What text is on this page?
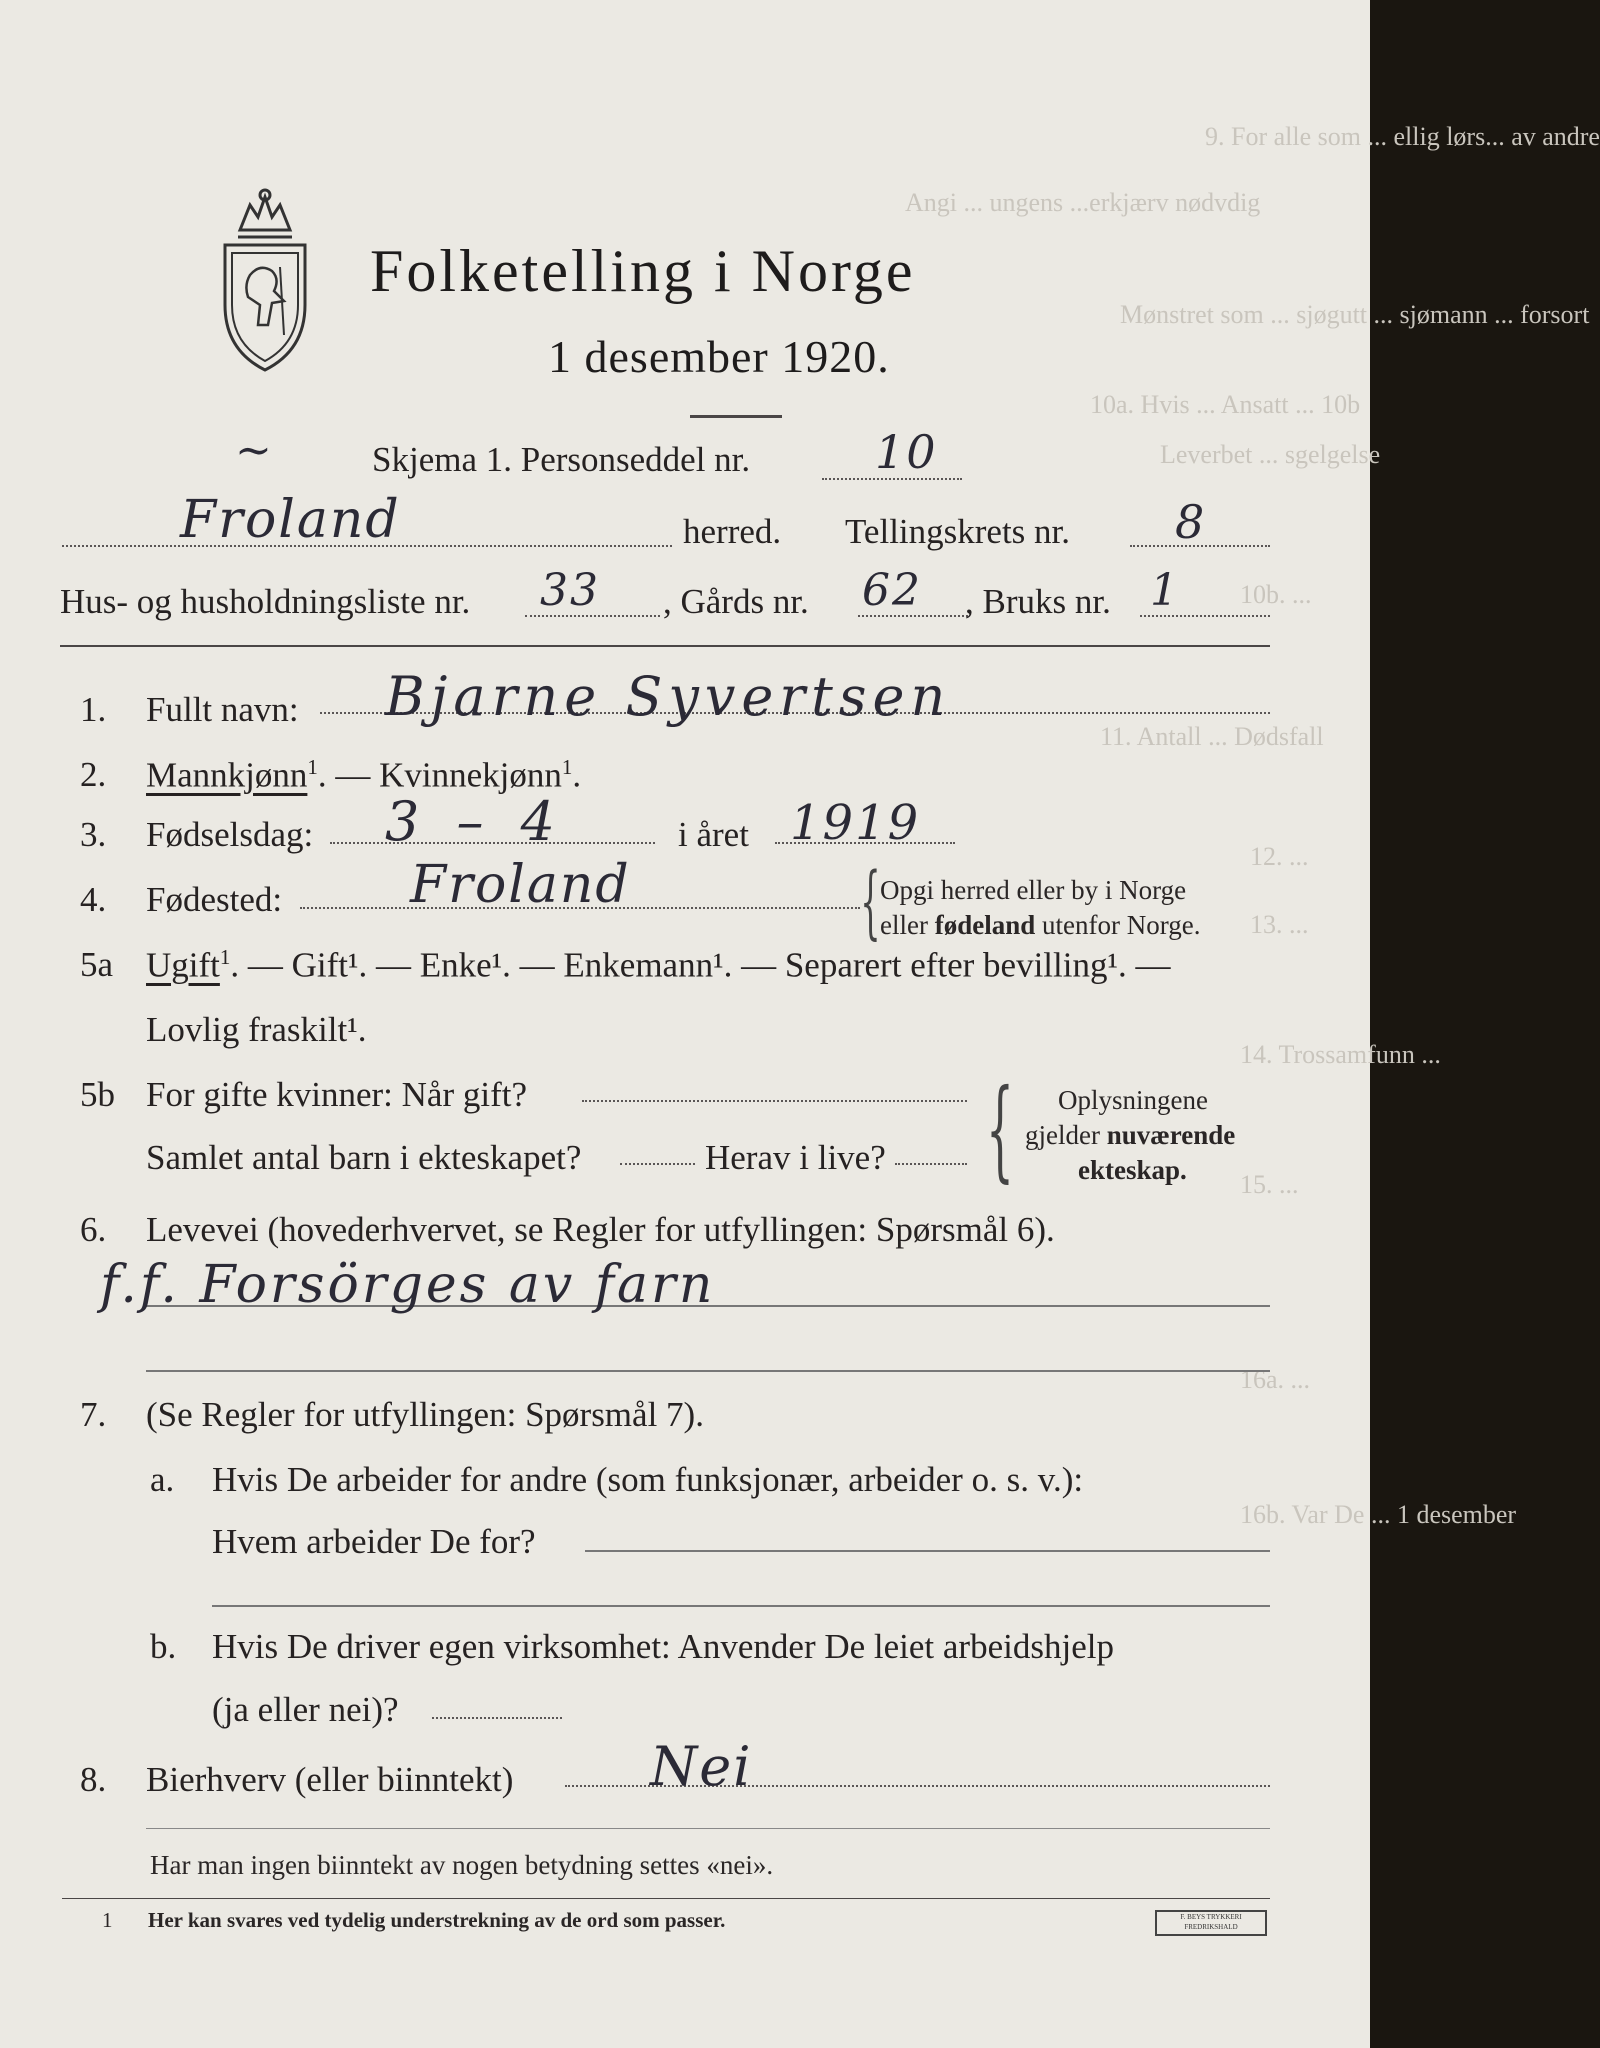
9. For alle som ... ellig lørs... av andre
Angi ... ungens ...erkjærv nødvdig
Mønstret som ... sjøgutt ... sjømann ... forsort
10a. Hvis ... Ansatt ... 10b
Leverbet ... sgelgelse
10b. ...
11. Antall ... Dødsfall
12. ...
13. ...
14. Trossamfunn ...
15. ...
16a. ...
16b. Var De ... 1 desember
Folketelling i Norge
1 desember 1920.
~	Skjema 1. Personseddel nr.	10
Froland	herred. Tellingskrets nr. 8
Hus- og husholdningsliste nr. 33 , Gårds nr. 62 , Bruks nr. 1
1. Fullt navn: Bjarne Syvertsen
2. Mannkjønn$^1$. — Kvinnekjønn$^1$.
3. Fødselsdag: 3 – 4	i året 1919
4. Fødested: Froland	{ Opgi herred eller by i Norge
eller fødeland utenfor Norge.
5a Ugift$^1$. — Gift¹. — Enke¹. — Enkemann¹. — Separert efter bevilling¹. —
Lovlig fraskilt¹.
5b For gifte kvinner: Når gift?
Samlet antal barn i ekteskapet?	Herav i live? { Oplysningene
gjelder nuværende
ekteskap.
6. Levevei (hovederhvervet, se Regler for utfyllingen: Spørsmål 6).
f.f. Forsörges av farn
7. (Se Regler for utfyllingen: Spørsmål 7).
a. Hvis De arbeider for andre (som funksjonær, arbeider o. s. v.):
Hvem arbeider De for?
b. Hvis De driver egen virksomhet: Anvender De leiet arbeidshjelp
(ja eller nei)?
8. Bierhverv (eller biinntekt)	Nei
Har man ingen biinntekt av nogen betydning settes «nei».
1 Her kan svares ved tydelig understrekning av de ord som passer.	F. BEYS TRYKKERI FREDRIKSHALD
